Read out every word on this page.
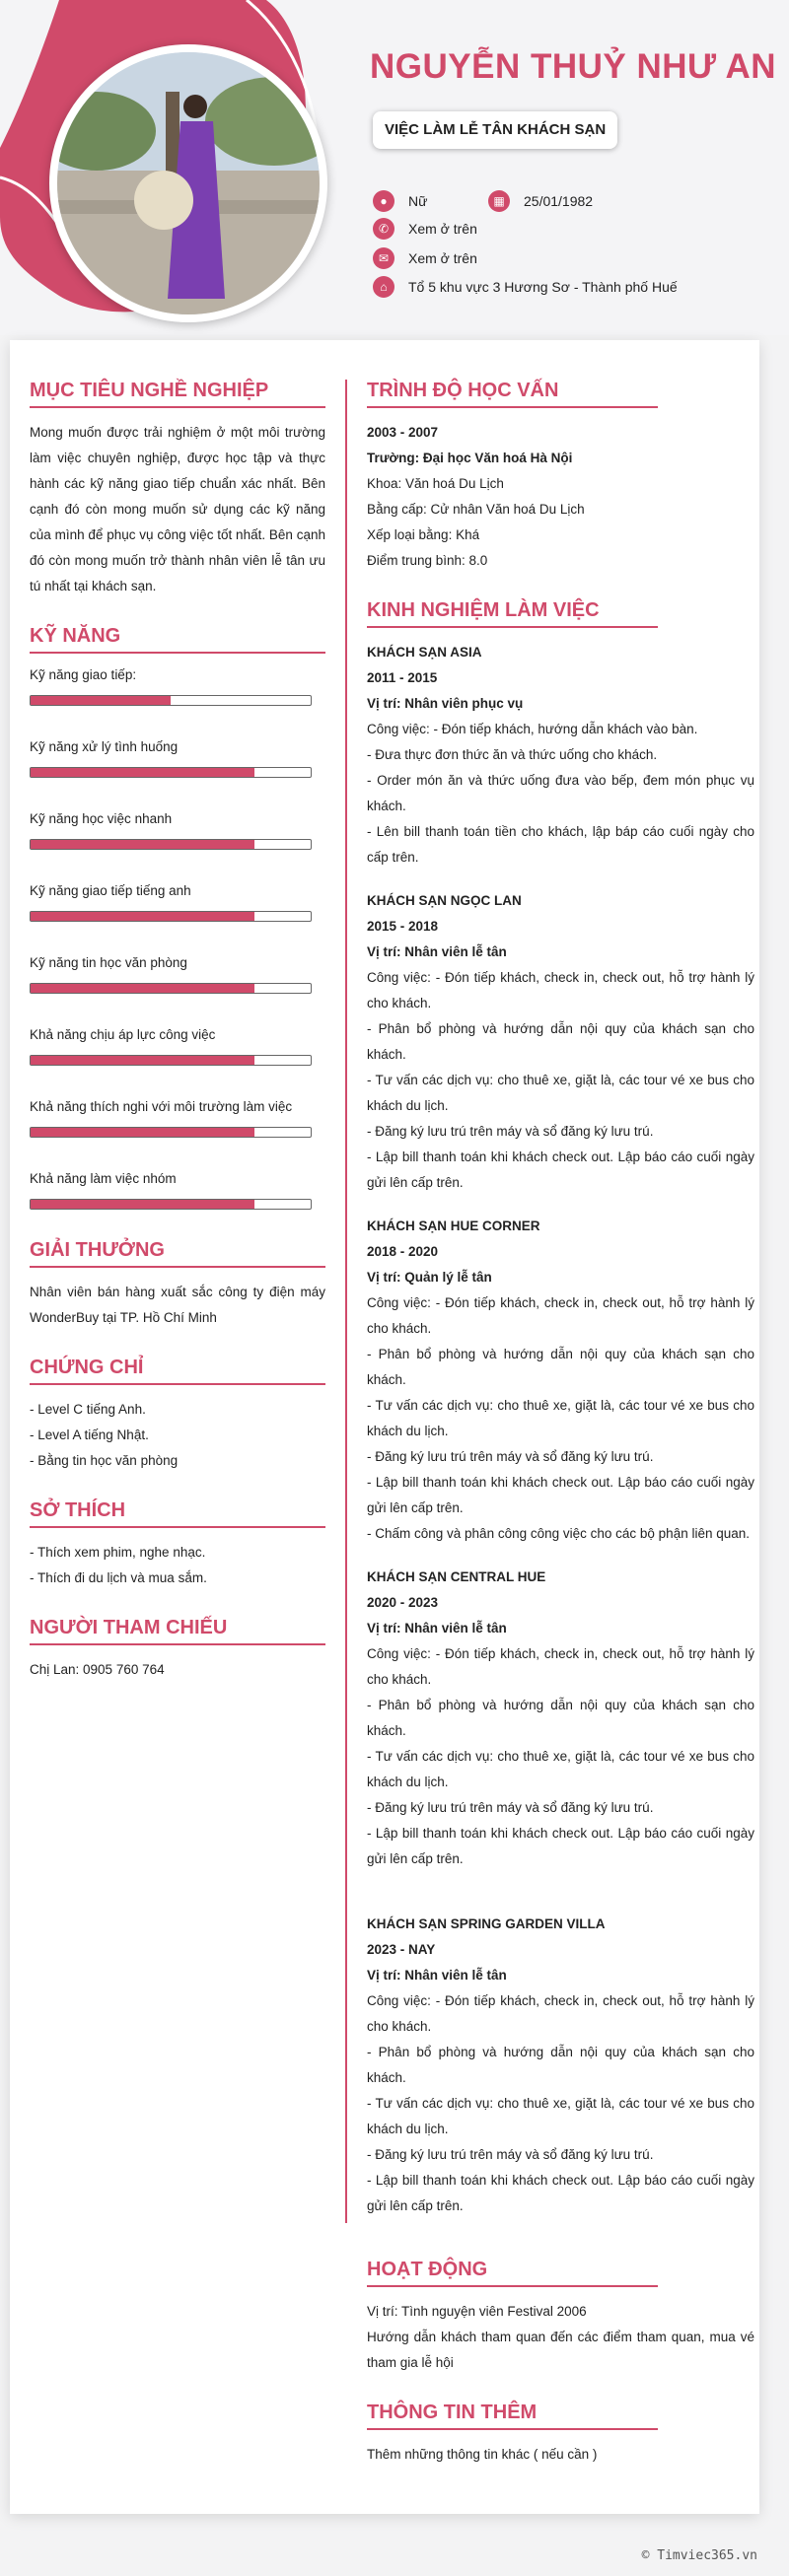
NGUYỄN THUỶ NHƯ AN
VIỆC LÀM LỄ TÂN KHÁCH SẠN
●	Nữ	▦	25/01/1982
✆	Xem ở trên
✉	Xem ở trên
⌂	Tổ 5 khu vực 3 Hương Sơ - Thành phố Huế
MỤC TIÊU NGHỀ NGHIỆP

Mong muốn được trải nghiệm ở một môi trường làm việc chuyên nghiệp, được học tập và thực hành các kỹ năng giao tiếp chuẩn xác nhất. Bên cạnh đó còn mong muốn sử dụng các kỹ năng của mình để phục vụ công việc tốt nhất. Bên cạnh đó còn mong muốn trở thành nhân viên lễ tân ưu tú nhất tại khách sạn.

KỸ NĂNG

Kỹ năng giao tiếp:

Kỹ năng xử lý tình huống

Kỹ năng học việc nhanh

Kỹ năng giao tiếp tiếng anh

Kỹ năng tin học văn phòng

Khả năng chịu áp lực công việc

Khả năng thích nghi với môi trường làm việc

Khả năng làm việc nhóm

GIẢI THƯỞNG

Nhân viên bán hàng xuất sắc công ty điện máy WonderBuy tại TP. Hồ Chí Minh

CHỨNG CHỈ

- Level C tiếng Anh.

- Level A tiếng Nhật.

- Bằng tin học văn phòng

SỞ THÍCH

- Thích xem phim, nghe nhạc.

- Thích đi du lịch và mua sắm.

NGƯỜI THAM CHIẾU

Chị Lan: 0905 760 764

TRÌNH ĐỘ HỌC VẤN

2003 - 2007

Trường: Đại học Văn hoá Hà Nội

Khoa: Văn hoá Du Lịch

Bằng cấp: Cử nhân Văn hoá Du Lịch

Xếp loại bằng: Khá

Điểm trung bình: 8.0

KINH NGHIỆM LÀM VIỆC

KHÁCH SẠN ASIA

2011 - 2015

Vị trí: Nhân viên phục vụ

Công việc: - Đón tiếp khách, hướng dẫn khách vào bàn.

- Đưa thực đơn thức ăn và thức uống cho khách.

- Order món ăn và thức uống đưa vào bếp, đem món phục vụ khách.

- Lên bill thanh toán tiền cho khách, lập báp cáo cuối ngày cho cấp trên.

KHÁCH SẠN NGỌC LAN

2015 - 2018

Vị trí: Nhân viên lễ tân

Công việc: - Đón tiếp khách, check in, check out, hỗ trợ hành lý cho khách.

- Phân bổ phòng và hướng dẫn nội quy của khách sạn cho khách.

- Tư vấn các dịch vụ: cho thuê xe, giặt là, các tour vé xe bus cho khách du lịch.

- Đăng ký lưu trú trên máy và sổ đăng ký lưu trú.

- Lập bill thanh toán khi khách check out. Lập báo cáo cuối ngày gửi lên cấp trên.

KHÁCH SẠN HUE CORNER

2018 - 2020

Vị trí: Quản lý lễ tân

Công việc: - Đón tiếp khách, check in, check out, hỗ trợ hành lý cho khách.

- Phân bổ phòng và hướng dẫn nội quy của khách sạn cho khách.

- Tư vấn các dịch vụ: cho thuê xe, giặt là, các tour vé xe bus cho khách du lịch.

- Đăng ký lưu trú trên máy và sổ đăng ký lưu trú.

- Lập bill thanh toán khi khách check out. Lập báo cáo cuối ngày gửi lên cấp trên.

- Chấm công và phân công công việc cho các bộ phận liên quan.

KHÁCH SẠN CENTRAL HUE

2020 - 2023

Vị trí: Nhân viên lễ tân

Công việc: - Đón tiếp khách, check in, check out, hỗ trợ hành lý cho khách.

- Phân bổ phòng và hướng dẫn nội quy của khách sạn cho khách.

- Tư vấn các dịch vụ: cho thuê xe, giặt là, các tour vé xe bus cho khách du lịch.

- Đăng ký lưu trú trên máy và sổ đăng ký lưu trú.

- Lập bill thanh toán khi khách check out. Lập báo cáo cuối ngày gửi lên cấp trên.

KHÁCH SẠN SPRING GARDEN VILLA

2023 - NAY

Vị trí: Nhân viên lễ tân

Công việc: - Đón tiếp khách, check in, check out, hỗ trợ hành lý cho khách.

- Phân bổ phòng và hướng dẫn nội quy của khách sạn cho khách.

- Tư vấn các dịch vụ: cho thuê xe, giặt là, các tour vé xe bus cho khách du lịch.

- Đăng ký lưu trú trên máy và sổ đăng ký lưu trú.

- Lập bill thanh toán khi khách check out. Lập báo cáo cuối ngày gửi lên cấp trên.

HOẠT ĐỘNG

Vị trí: Tình nguyện viên Festival 2006

Hướng dẫn khách tham quan đến các điểm tham quan, mua vé tham gia lễ hội

THÔNG TIN THÊM

Thêm những thông tin khác ( nếu cần )

© Timviec365.vn
